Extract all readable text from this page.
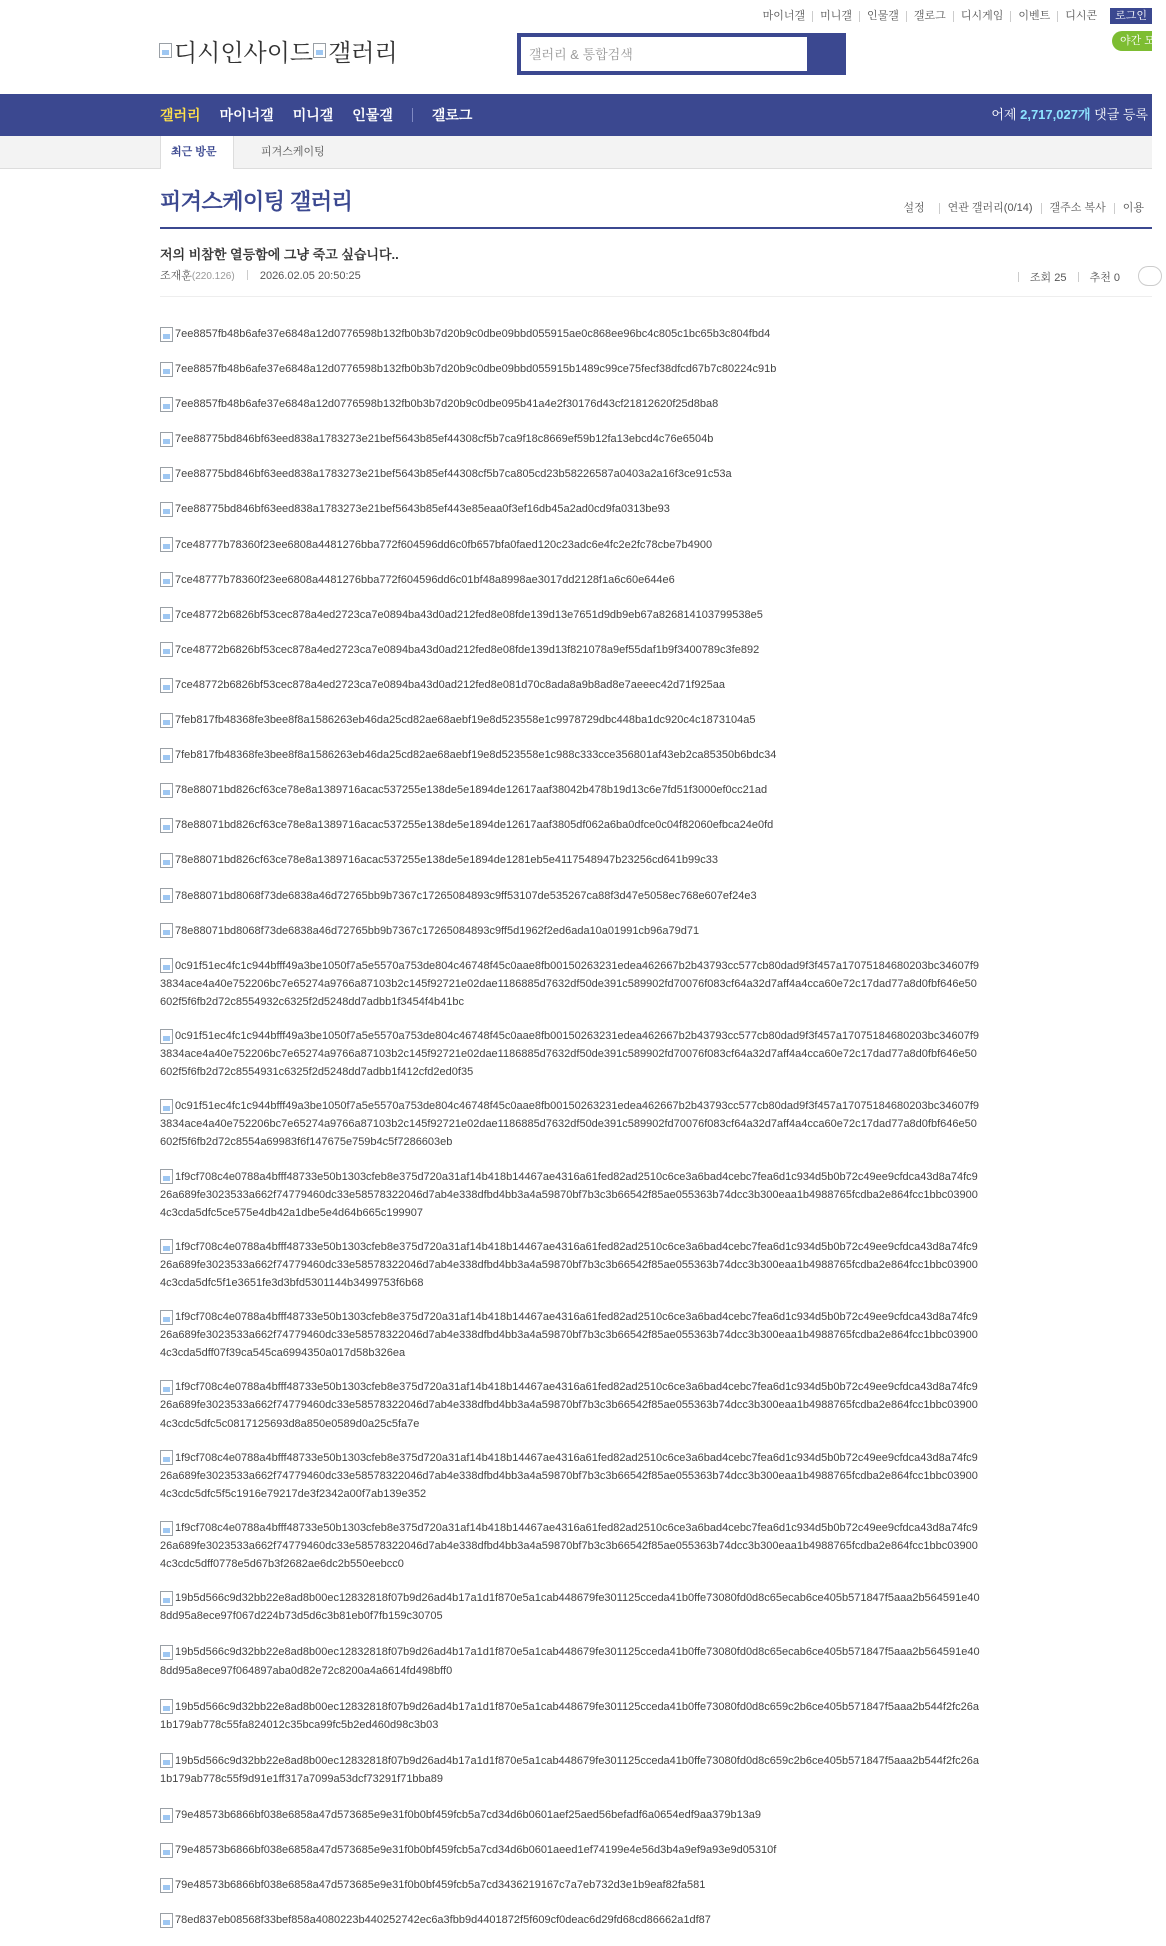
마이너갤	미니갤	인물갤	갤로그	디시게임	이벤트	디시콘	로그인
야간 모드
디시인사이드 갤러리
갤러리 & 통합검색
갤러리 마이너갤 미니갤 인물갤	갤로그	어제 2,717,027개 댓글 등록
최근 방문	피겨스케이팅
피겨스케이팅 갤러리	설정	연관 갤러리(0/14)	갤주소 복사	이용
저의 비참한 열등함에 그냥 죽고 싶습니다..
조재훈(220.126) 2026.02.05 20:50:25	조회 25 추천 0
7ee8857fb48b6afe37e6848a12d0776598b132fb0b3b7d20b9c0dbe09bbd055915ae0c868ee96bc4c805c1bc65b3c804fbd4
7ee8857fb48b6afe37e6848a12d0776598b132fb0b3b7d20b9c0dbe09bbd055915b1489c99ce75fecf38dfcd67b7c80224c91b
7ee8857fb48b6afe37e6848a12d0776598b132fb0b3b7d20b9c0dbe095b41a4e2f30176d43cf21812620f25d8ba8
7ee88775bd846bf63eed838a1783273e21bef5643b85ef44308cf5b7ca9f18c8669ef59b12fa13ebcd4c76e6504b
7ee88775bd846bf63eed838a1783273e21bef5643b85ef44308cf5b7ca805cd23b58226587a0403a2a16f3ce91c53a
7ee88775bd846bf63eed838a1783273e21bef5643b85ef443e85eaa0f3ef16db45a2ad0cd9fa0313be93
7ce48777b78360f23ee6808a4481276bba772f604596dd6c0fb657bfa0faed120c23adc6e4fc2e2fc78cbe7b4900
7ce48777b78360f23ee6808a4481276bba772f604596dd6c01bf48a8998ae3017dd2128f1a6c60e644e6
7ce48772b6826bf53cec878a4ed2723ca7e0894ba43d0ad212fed8e08fde139d13e7651d9db9eb67a826814103799538e5
7ce48772b6826bf53cec878a4ed2723ca7e0894ba43d0ad212fed8e08fde139d13f821078a9ef55daf1b9f3400789c3fe892
7ce48772b6826bf53cec878a4ed2723ca7e0894ba43d0ad212fed8e081d70c8ada8a9b8ad8e7aeeec42d71f925aa
7feb817fb48368fe3bee8f8a1586263eb46da25cd82ae68aebf19e8d523558e1c9978729dbc448ba1dc920c4c1873104a5
7feb817fb48368fe3bee8f8a1586263eb46da25cd82ae68aebf19e8d523558e1c988c333cce356801af43eb2ca85350b6bdc34
78e88071bd826cf63ce78e8a1389716acac537255e138de5e1894de12617aaf38042b478b19d13c6e7fd51f3000ef0cc21ad
78e88071bd826cf63ce78e8a1389716acac537255e138de5e1894de12617aaf3805df062a6ba0dfce0c04f82060efbca24e0fd
78e88071bd826cf63ce78e8a1389716acac537255e138de5e1894de1281eb5e4117548947b23256cd641b99c33
78e88071bd8068f73de6838a46d72765bb9b7367c17265084893c9ff53107de535267ca88f3d47e5058ec768e607ef24e3
78e88071bd8068f73de6838a46d72765bb9b7367c17265084893c9ff5d1962f2ed6ada10a01991cb96a79d71
0c91f51ec4fc1c944bfff49a3be1050f7a5e5570a753de804c46748f45c0aae8fb00150263231edea462667b2b43793cc577cb80dad9f3f457a17075184680203bc34607f93834ace4a40e752206bc7e65274a9766a87103b2c145f92721e02dae1186885d7632df50de391c589902fd70076f083cf64a32d7aff4a4cca60e72c17dad77a8d0fbf646e50602f5f6fb2d72c8554932c6325f2d5248dd7adbb1f3454f4b41bc
0c91f51ec4fc1c944bfff49a3be1050f7a5e5570a753de804c46748f45c0aae8fb00150263231edea462667b2b43793cc577cb80dad9f3f457a17075184680203bc34607f93834ace4a40e752206bc7e65274a9766a87103b2c145f92721e02dae1186885d7632df50de391c589902fd70076f083cf64a32d7aff4a4cca60e72c17dad77a8d0fbf646e50602f5f6fb2d72c8554931c6325f2d5248dd7adbb1f412cfd2ed0f35
0c91f51ec4fc1c944bfff49a3be1050f7a5e5570a753de804c46748f45c0aae8fb00150263231edea462667b2b43793cc577cb80dad9f3f457a17075184680203bc34607f93834ace4a40e752206bc7e65274a9766a87103b2c145f92721e02dae1186885d7632df50de391c589902fd70076f083cf64a32d7aff4a4cca60e72c17dad77a8d0fbf646e50602f5f6fb2d72c8554a69983f6f147675e759b4c5f7286603eb
1f9cf708c4e0788a4bfff48733e50b1303cfeb8e375d720a31af14b418b14467ae4316a61fed82ad2510c6ce3a6bad4cebc7fea6d1c934d5b0b72c49ee9cfdca43d8a74fc926a689fe3023533a662f74779460dc33e58578322046d7ab4e338dfbd4bb3a4a59870bf7b3c3b66542f85ae055363b74dcc3b300eaa1b4988765fcdba2e864fcc1bbc039004c3cda5dfc5ce575e4db42a1dbe5e4d64b665c199907
1f9cf708c4e0788a4bfff48733e50b1303cfeb8e375d720a31af14b418b14467ae4316a61fed82ad2510c6ce3a6bad4cebc7fea6d1c934d5b0b72c49ee9cfdca43d8a74fc926a689fe3023533a662f74779460dc33e58578322046d7ab4e338dfbd4bb3a4a59870bf7b3c3b66542f85ae055363b74dcc3b300eaa1b4988765fcdba2e864fcc1bbc039004c3cda5dfc5f1e3651fe3d3bfd5301144b3499753f6b68
1f9cf708c4e0788a4bfff48733e50b1303cfeb8e375d720a31af14b418b14467ae4316a61fed82ad2510c6ce3a6bad4cebc7fea6d1c934d5b0b72c49ee9cfdca43d8a74fc926a689fe3023533a662f74779460dc33e58578322046d7ab4e338dfbd4bb3a4a59870bf7b3c3b66542f85ae055363b74dcc3b300eaa1b4988765fcdba2e864fcc1bbc039004c3cda5dff07f39ca545ca6994350a017d58b326ea
1f9cf708c4e0788a4bfff48733e50b1303cfeb8e375d720a31af14b418b14467ae4316a61fed82ad2510c6ce3a6bad4cebc7fea6d1c934d5b0b72c49ee9cfdca43d8a74fc926a689fe3023533a662f74779460dc33e58578322046d7ab4e338dfbd4bb3a4a59870bf7b3c3b66542f85ae055363b74dcc3b300eaa1b4988765fcdba2e864fcc1bbc039004c3cdc5dfc5c0817125693d8a850e0589d0a25c5fa7e
1f9cf708c4e0788a4bfff48733e50b1303cfeb8e375d720a31af14b418b14467ae4316a61fed82ad2510c6ce3a6bad4cebc7fea6d1c934d5b0b72c49ee9cfdca43d8a74fc926a689fe3023533a662f74779460dc33e58578322046d7ab4e338dfbd4bb3a4a59870bf7b3c3b66542f85ae055363b74dcc3b300eaa1b4988765fcdba2e864fcc1bbc039004c3cdc5dfc5f5c1916e79217de3f2342a00f7ab139e352
1f9cf708c4e0788a4bfff48733e50b1303cfeb8e375d720a31af14b418b14467ae4316a61fed82ad2510c6ce3a6bad4cebc7fea6d1c934d5b0b72c49ee9cfdca43d8a74fc926a689fe3023533a662f74779460dc33e58578322046d7ab4e338dfbd4bb3a4a59870bf7b3c3b66542f85ae055363b74dcc3b300eaa1b4988765fcdba2e864fcc1bbc039004c3cdc5dff0778e5d67b3f2682ae6dc2b550eebcc0
19b5d566c9d32bb22e8ad8b00ec12832818f07b9d26ad4b17a1d1f870e5a1cab448679fe301125cceda41b0ffe73080fd0d8c65ecab6ce405b571847f5aaa2b564591e408dd95a8ece97f067d224b73d5d6c3b81eb0f7fb159c30705
19b5d566c9d32bb22e8ad8b00ec12832818f07b9d26ad4b17a1d1f870e5a1cab448679fe301125cceda41b0ffe73080fd0d8c65ecab6ce405b571847f5aaa2b564591e408dd95a8ece97f064897aba0d82e72c8200a4a6614fd498bff0
19b5d566c9d32bb22e8ad8b00ec12832818f07b9d26ad4b17a1d1f870e5a1cab448679fe301125cceda41b0ffe73080fd0d8c659c2b6ce405b571847f5aaa2b544f2fc26a1b179ab778c55fa824012c35bca99fc5b2ed460d98c3b03
19b5d566c9d32bb22e8ad8b00ec12832818f07b9d26ad4b17a1d1f870e5a1cab448679fe301125cceda41b0ffe73080fd0d8c659c2b6ce405b571847f5aaa2b544f2fc26a1b179ab778c55f9d91e1ff317a7099a53dcf73291f71bba89
79e48573b6866bf038e6858a47d573685e9e31f0b0bf459fcb5a7cd34d6b0601aef25aed56befadf6a0654edf9aa379b13a9
79e48573b6866bf038e6858a47d573685e9e31f0b0bf459fcb5a7cd34d6b0601aeed1ef74199e4e56d3b4a9ef9a93e9d05310f
79e48573b6866bf038e6858a47d573685e9e31f0b0bf459fcb5a7cd3436219167c7a7eb732d3e1b9eaf82fa581
78ed837eb08568f33bef858a4080223b440252742ec6a3fbb9d4401872f5f609cf0deac6d29fd68cd86662a1df87
